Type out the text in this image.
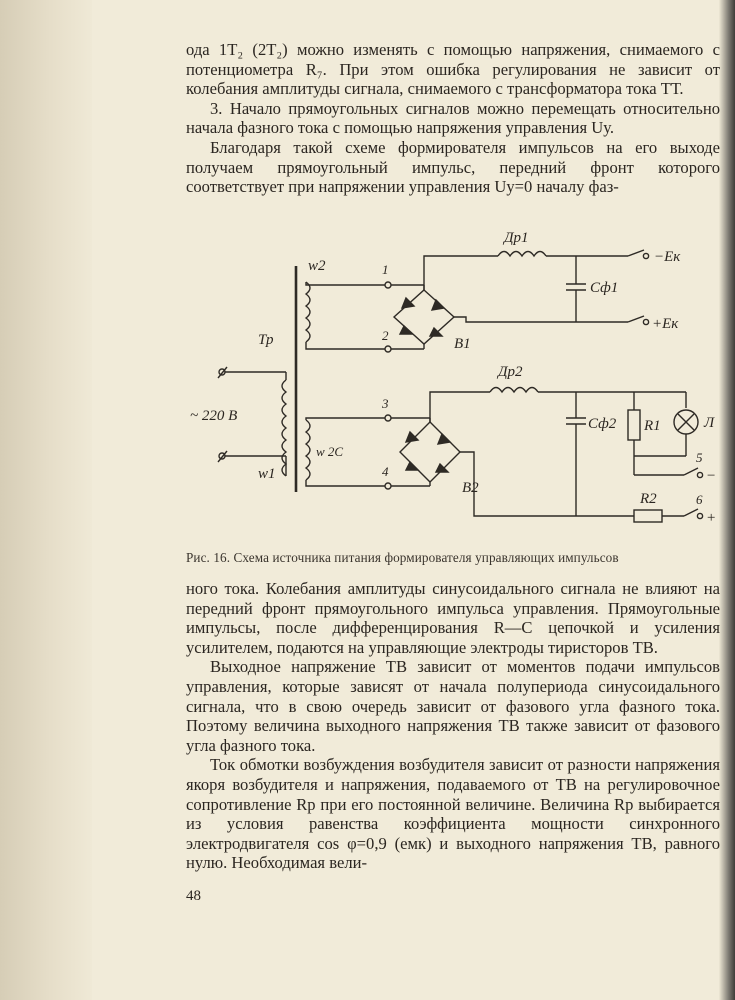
ода 1T₂ (2T₂) можно изменять с помощью напряжения, снимаемого с потенциометра R₇. При этом ошибка регулирования не зависит от колебания амплитуды сигнала, снимаемого с трансформатора тока ТТ.

3. Начало прямоугольных сигналов можно перемещать относительно начала фазного тока с помощью напряжения управления Uу.

Благодаря такой схеме формирователя импульсов на его выходе получаем прямоугольный импульс, передний фронт которого соответствует при напряжении управления Uу=0 началу фаз-

w2	1
2
3
4
Др1
Др2
Сф1
Сф2
−Ек
+Ек
В1
В2
Тр
~ 220 В
w 2С
w1
R1
R2
Л
5
6
−
+
Рис. 16. Схема источника питания формирователя управляющих импульсов

ного тока. Колебания амплитуды синусоидального сигнала не влияют на передний фронт прямоугольного импульса управления. Прямоугольные импульсы, после дифференцирования R—C цепочкой и усиления усилителем, подаются на управляющие электроды тиристоров ТВ.

Выходное напряжение ТВ зависит от моментов подачи импульсов управления, которые зависят от начала полупериода синусоидального сигнала, что в свою очередь зависит от фазового угла фазного тока. Поэтому величина выходного напряжения ТВ также зависит от фазового угла фазного тока.

Ток обмотки возбуждения возбудителя зависит от разности напряжения якоря возбудителя и напряжения, подаваемого от ТВ на регулировочное сопротивление Rр при его постоянной величине. Величина Rр выбирается из условия равенства коэффициента мощности синхронного электродвигателя cos φ=0,9 (емк) и выходного напряжения ТВ, равного нулю. Необходимая вели-

48
